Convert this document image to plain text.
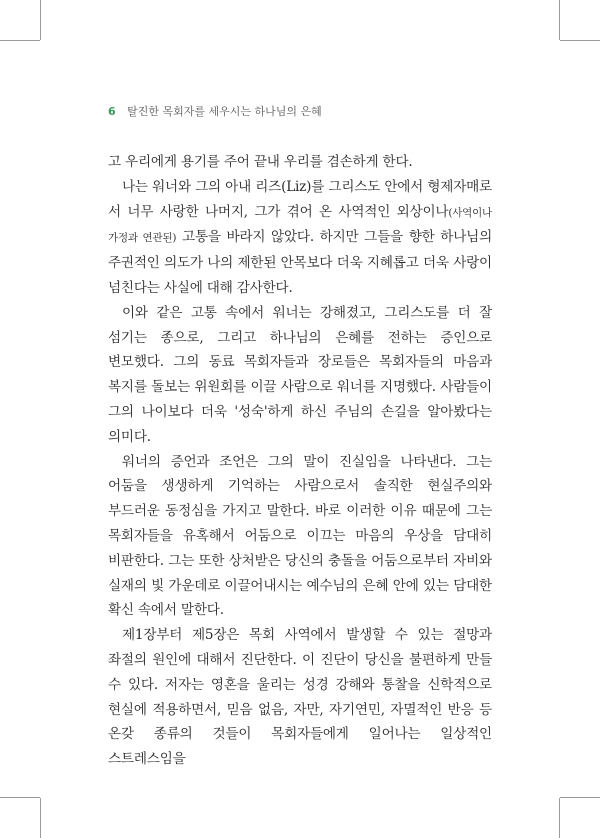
6 탈진한 목회자를 세우시는 하나님의 은혜

고 우리에게 용기를 주어 끝내 우리를 겸손하게 한다.

나는 워너와 그의 아내 리즈(Liz)를 그리스도 안에서 형제자매로 서 너무 사랑한 나머지, 그가 겪어 온 사역적인 외상이나(사역이나 가정과 연관된) 고통을 바라지 않았다. 하지만 그들을 향한 하나님의 주권적인 의도가 나의 제한된 안목보다 더욱 지혜롭고 더욱 사랑이 넘친다는 사실에 대해 감사한다.

이와 같은 고통 속에서 워너는 강해졌고, 그리스도를 더 잘 섬기는 종으로, 그리고 하나님의 은혜를 전하는 증인으로 변모했다. 그의 동료 목회자들과 장로들은 목회자들의 마음과 복지를 돌보는 위원회를 이끌 사람으로 워너를 지명했다. 사람들이 그의 나이보다 더욱 '성숙'하게 하신 주님의 손길을 알아봤다는 의미다.

워너의 증언과 조언은 그의 말이 진실임을 나타낸다. 그는 어둠을 생생하게 기억하는 사람으로서 솔직한 현실주의와 부드러운 동정심을 가지고 말한다. 바로 이러한 이유 때문에 그는 목회자들을 유혹해서 어둠으로 이끄는 마음의 우상을 담대히 비판한다. 그는 또한 상처받은 당신의 충돌을 어둠으로부터 자비와 실재의 빛 가운데로 이끌어내시는 예수님의 은혜 안에 있는 담대한 확신 속에서 말한다.

제1장부터 제5장은 목회 사역에서 발생할 수 있는 절망과 좌절의 원인에 대해서 진단한다. 이 진단이 당신을 불편하게 만들 수 있다. 저자는 영혼을 울리는 성경 강해와 통찰을 신학적으로 현실에 적용하면서, 믿음 없음, 자만, 자기연민, 자멸적인 반응 등 온갖 종류의 것들이 목회자들에게 일어나는 일상적인 스트레스임을
